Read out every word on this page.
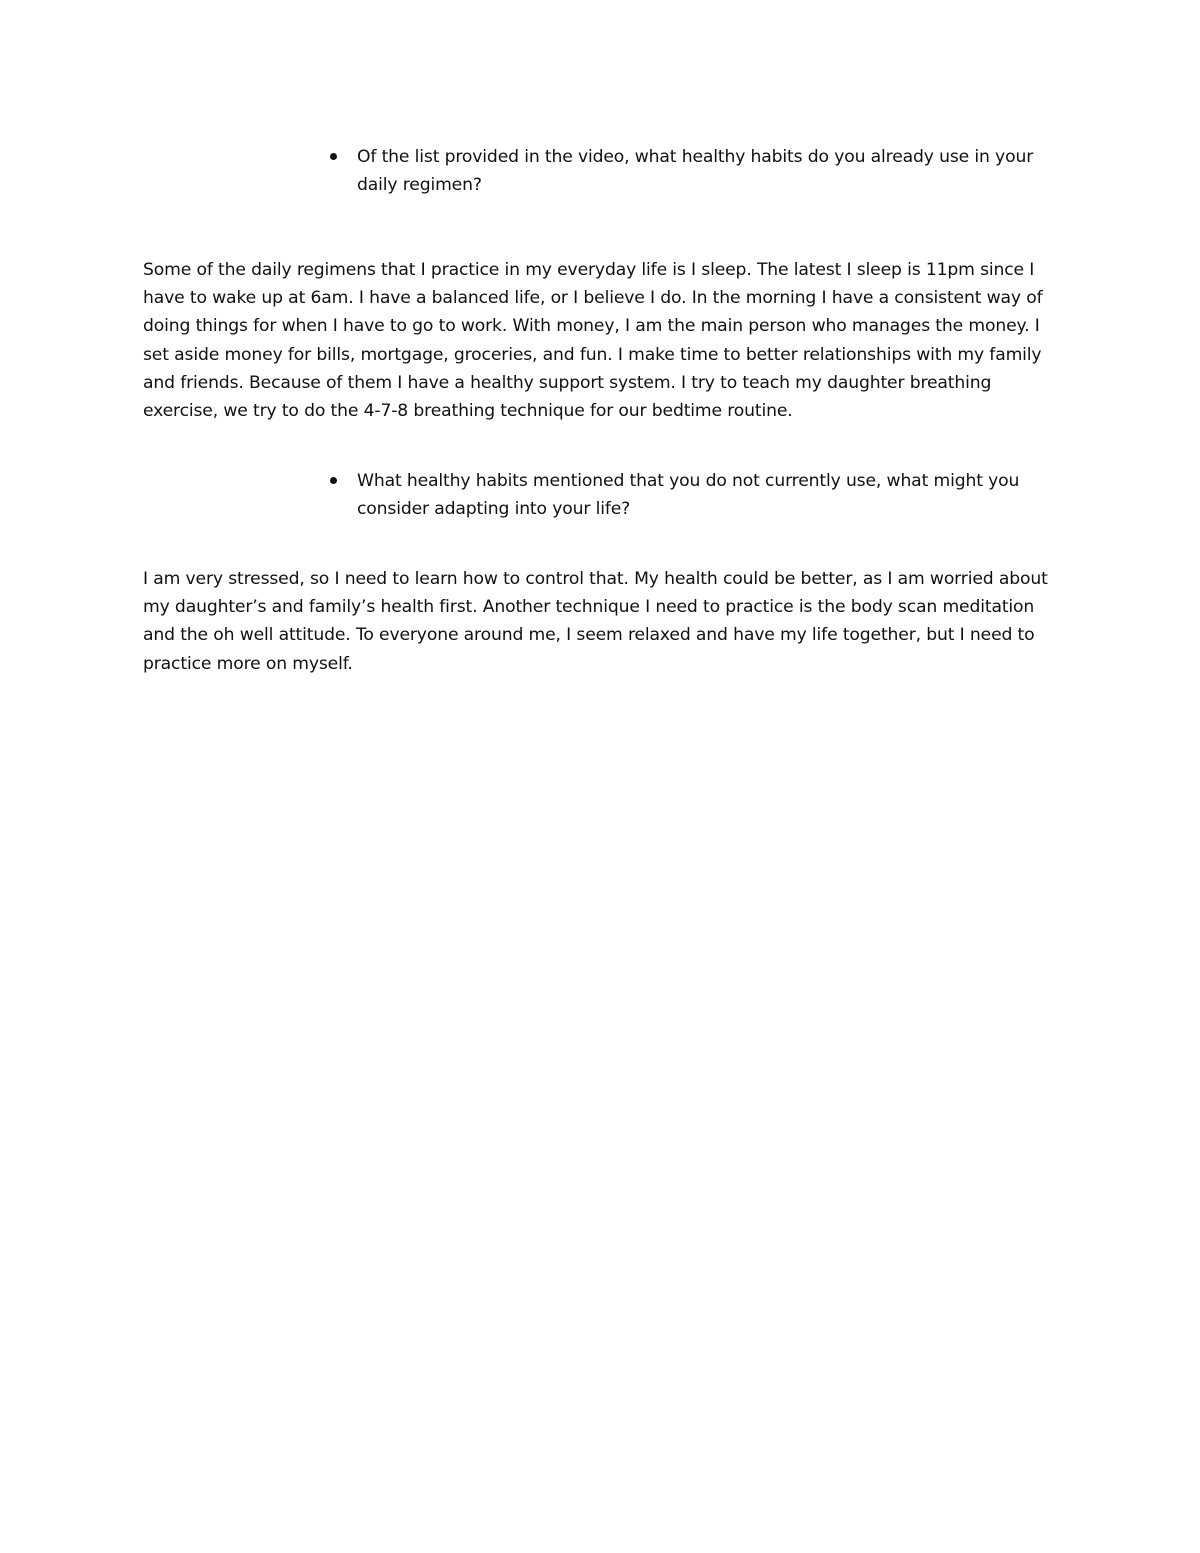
Of the list provided in the video, what healthy habits do you already use in your daily regimen?

Some of the daily regimens that I practice in my everyday life is I sleep. The latest I sleep is 11pm since I have to wake up at 6am. I have a balanced life, or I believe I do. In the morning I have a consistent way of doing things for when I have to go to work. With money, I am the main person who manages the money. I set aside money for bills, mortgage, groceries, and fun. I make time to better relationships with my family and friends. Because of them I have a healthy support system. I try to teach my daughter breathing exercise, we try to do the 4-7-8 breathing technique for our bedtime routine.

What healthy habits mentioned that you do not currently use, what might you consider adapting into your life?

I am very stressed, so I need to learn how to control that. My health could be better, as I am worried about my daughter’s and family’s health first. Another technique I need to practice is the body scan meditation and the oh well attitude. To everyone around me, I seem relaxed and have my life together, but I need to practice more on myself.
